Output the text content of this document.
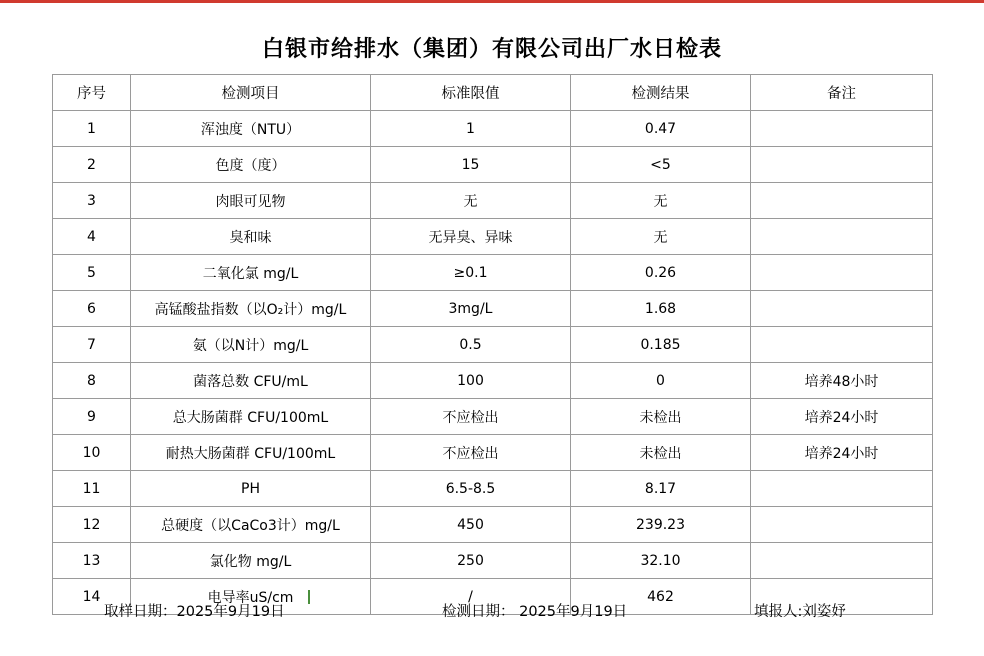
白银市给排水（集团）有限公司出厂水日检表
序号	检测项目	标准限值	检测结果	备注
1	浑浊度（NTU）	1	0.47	
2	色度（度）	15	<5	
3	肉眼可见物	无	无	
4	臭和味	无异臭、异味	无	
5	二氧化氯 mg/L	≥0.1	0.26	
6	高锰酸盐指数（以O₂计）mg/L	3mg/L	1.68	
7	氨（以N计）mg/L	0.5	0.185	
8	菌落总数 CFU/mL	100	0	培养48小时
9	总大肠菌群 CFU/100mL	不应检出	未检出	培养24小时
10	耐热大肠菌群 CFU/100mL	不应检出	未检出	培养24小时
11	PH	6.5-8.5	8.17	
12	总硬度（以CaCo3计）mg/L	450	239.23	
13	氯化物 mg/L	250	32.10	
14	电导率uS/cm	/	462	
取样日期：2025年9月19日	检测日期： 2025年9月19日	填报人:刘姿妤
